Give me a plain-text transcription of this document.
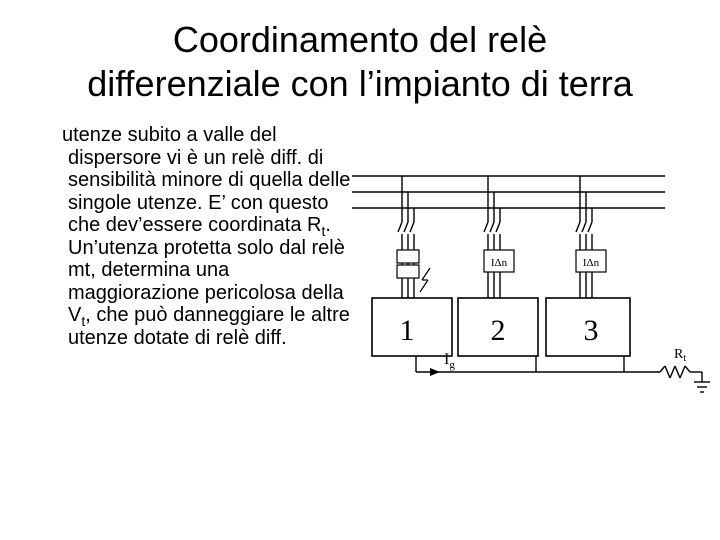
Coordinamento del relè
differenziale con l’impianto di terra
utenze subito a valle del dispersore vi è un relè diff. di sensibilità minore di quella delle singole utenze. E’ con questo che dev’essere coordinata $R_t$.
Un’utenza protetta solo dal relè mt, determina una maggiorazione pericolosa della $V_t$, che può danneggiare le altre utenze dotate di relè diff.
IΔn	IΔn
1	2	3
$I_g$
$R_t$
